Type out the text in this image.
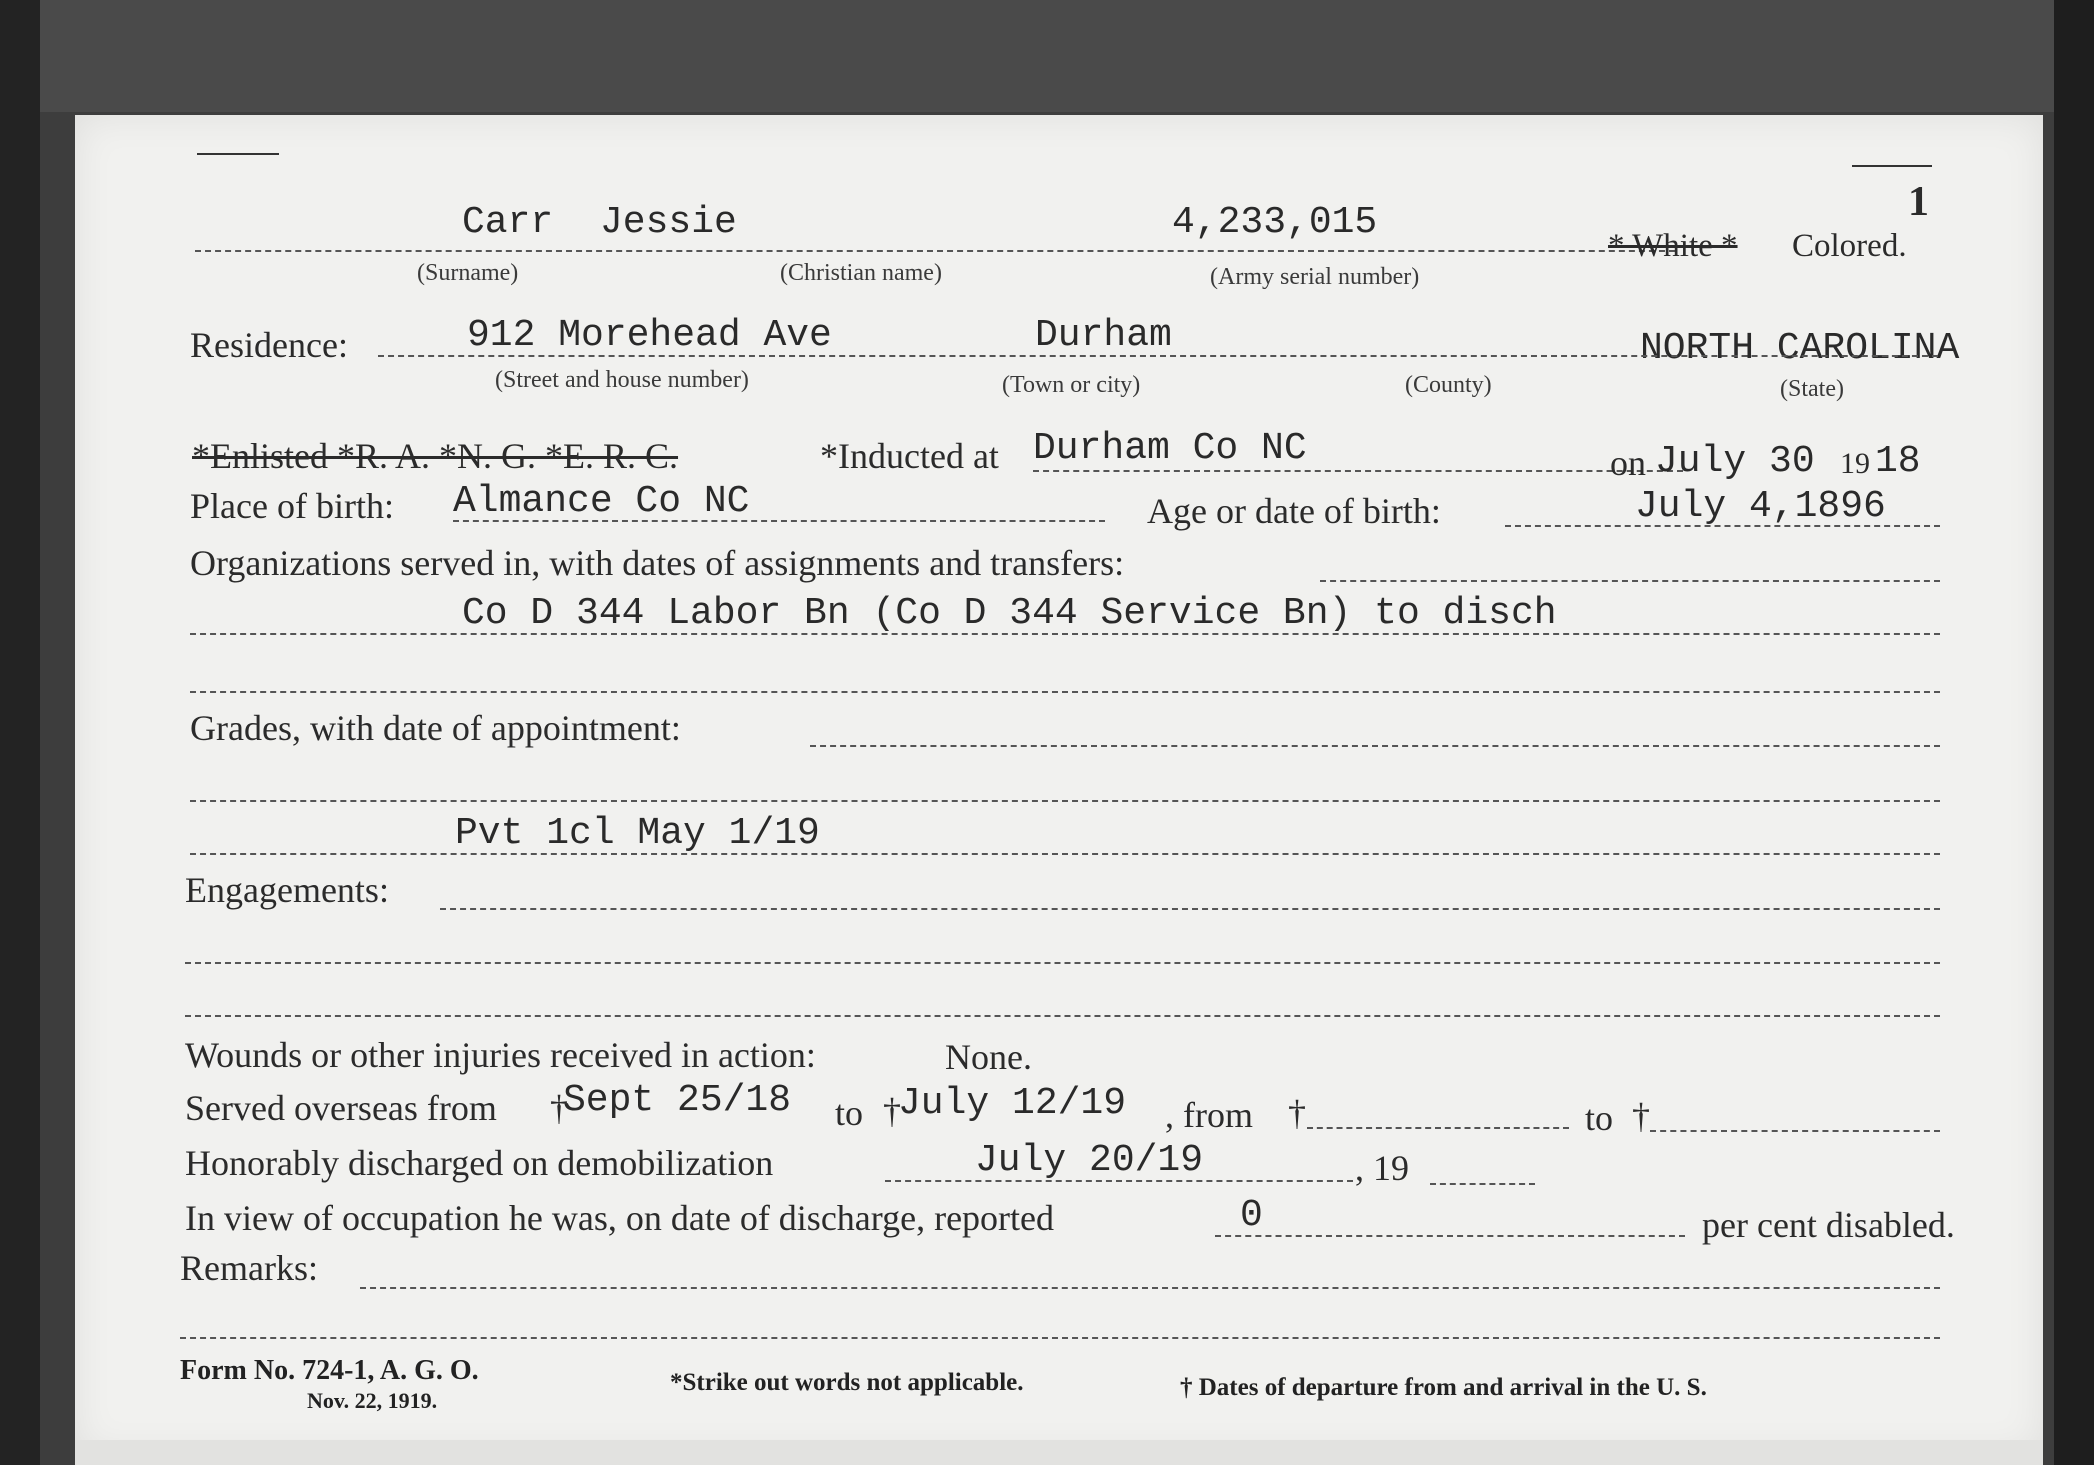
1
Carr Jessie	4,233,015
* White * Colored.
(Surname)	(Christian name)	(Army serial number)
Residence:	912 Morehead Ave	Durham	NORTH CAROLINA
(Street and house number)	(Town or city)	(County)	(State)
*Enlisted *R. A. *N. G. *E. R. C.	*Inducted at Durham Co NC	on July 30 19 18
Place of birth: Almance Co NC	Age or date of birth:	July 4,1896
Organizations served in, with dates of assignments and transfers:
Co D 344 Labor Bn (Co D 344 Service Bn) to disch
Grades, with date of appointment:
Pvt 1cl May 1/19
Engagements:
Wounds or other injuries received in action:	None.
Served overseas from †
Sept 25/18 to †
July 12/19 , from †	to †
Honorably discharged on demobilization	July 20/19	, 19
In view of occupation he was, on date of discharge, reported	0	per cent disabled.
Remarks:
Form No. 724-1, A. G. O.
Nov. 22, 1919.
*Strike out words not applicable.	† Dates of departure from and arrival in the U. S.
